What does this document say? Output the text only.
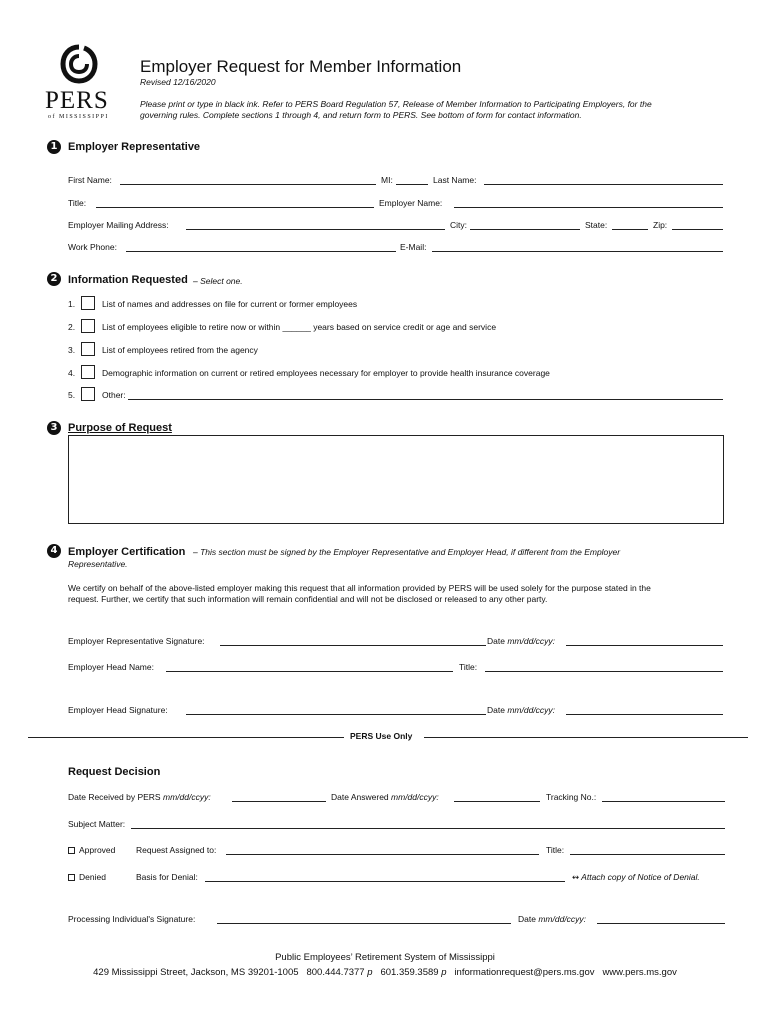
PERS
of MISSISSIPPI
Employer Request for Member Information
Revised 12/16/2020
Please print or type in black ink. Refer to PERS Board Regulation 57, Release of Member Information to Participating Employers, for the
governing rules. Complete sections 1 through 4, and return form to PERS. See bottom of form for contact information.
1 Employer Representative
First Name:	MI:	Last Name:
Title:	Employer Name:
Employer Mailing Address:	City:	State:	Zip:
Work Phone:	E-Mail:
2 Information Requested – Select one.
1.	List of names and addresses on file for current or former employees
2.	List of employees eligible to retire now or within ______ years based on service credit or age and service
3.	List of employees retired from the agency
4.	Demographic information on current or retired employees necessary for employer to provide health insurance coverage
5.	Other:
3 Purpose of Request
4 Employer Certification – This section must be signed by the Employer Representative and Employer Head, if different from the Employer
Representative.
We certify on behalf of the above-listed employer making this request that all information provided by PERS will be used solely for the purpose stated in the
request. Further, we certify that such information will remain confidential and will not be disclosed or released to any other party.
Employer Representative Signature:	Date mm/dd/ccyy:
Employer Head Name:	Title:
Employer Head Signature:	Date mm/dd/ccyy:
PERS Use Only
Request Decision
Date Received by PERS mm/dd/ccyy:	Date Answered mm/dd/ccyy:	Tracking No.:
Subject Matter:
Approved Request Assigned to:	Title:
Denied	Basis for Denial:	↭ Attach copy of Notice of Denial.
Processing Individual's Signature:	Date mm/dd/ccyy:
Public Employees’ Retirement System of Mississippi
429 Mississippi Street, Jackson, MS 39201-1005 800.444.7377 p 601.359.3589 p informationrequest@pers.ms.gov www.pers.ms.gov
